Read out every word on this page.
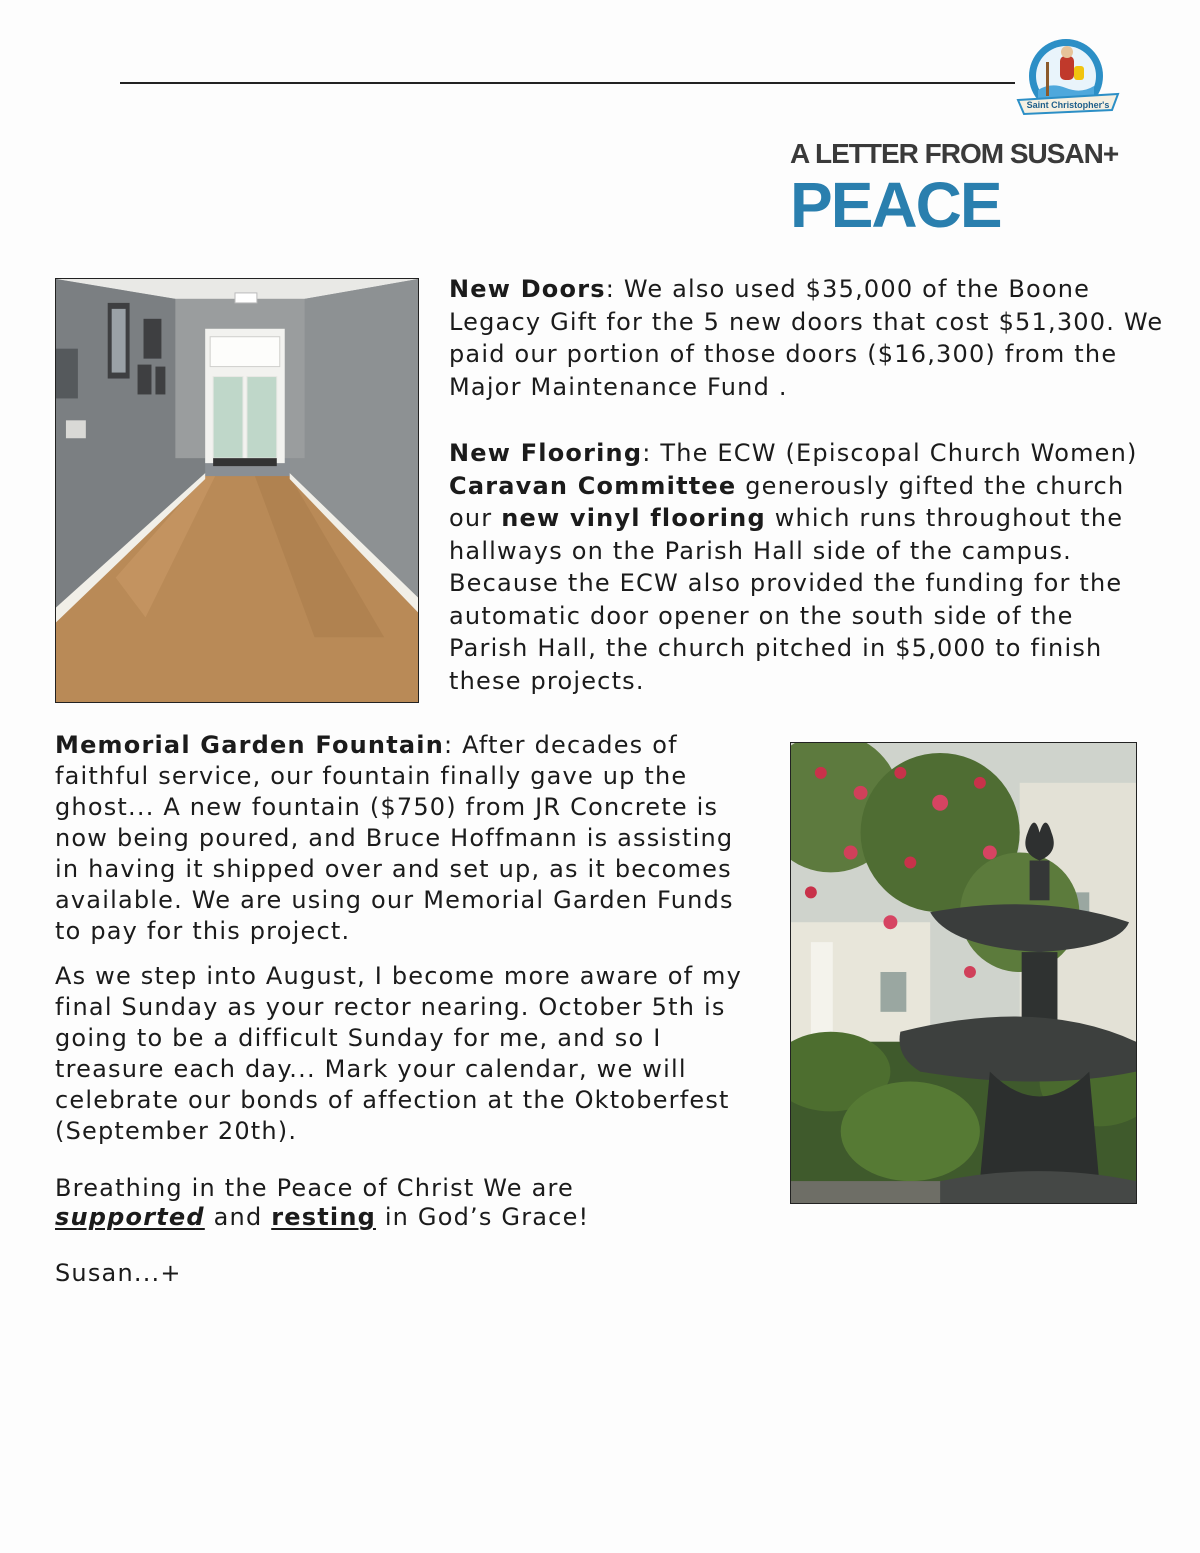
Saint Christopher's
A LETTER FROM SUSAN+
PEACE

New Doors: We also used $35,000 of the Boone Legacy Gift for the 5 new doors that cost $51,300. We paid our portion of those doors ($16,300) from the Major Maintenance Fund .

New Flooring: The ECW (Episcopal Church Women) Caravan Committee generously gifted the church our new vinyl flooring which runs throughout the hallways on the Parish Hall side of the campus. Because the ECW also provided the funding for the automatic door opener on the south side of the Parish Hall, the church pitched in $5,000 to finish these projects.

Memorial Garden Fountain: After decades of faithful service, our fountain finally gave up the ghost... A new fountain ($750) from JR Concrete is now being poured, and Bruce Hoffmann is assisting in having it shipped over and set up, as it becomes available. We are using our Memorial Garden Funds to pay for this project.

As we step into August, I become more aware of my final Sunday as your rector nearing. October 5th is going to be a difficult Sunday for me, and so I treasure each day... Mark your calendar, we will celebrate our bonds of affection at the Oktoberfest (September 20th).

Breathing in the Peace of Christ We are supported and resting in God’s Grace!

Susan...+
